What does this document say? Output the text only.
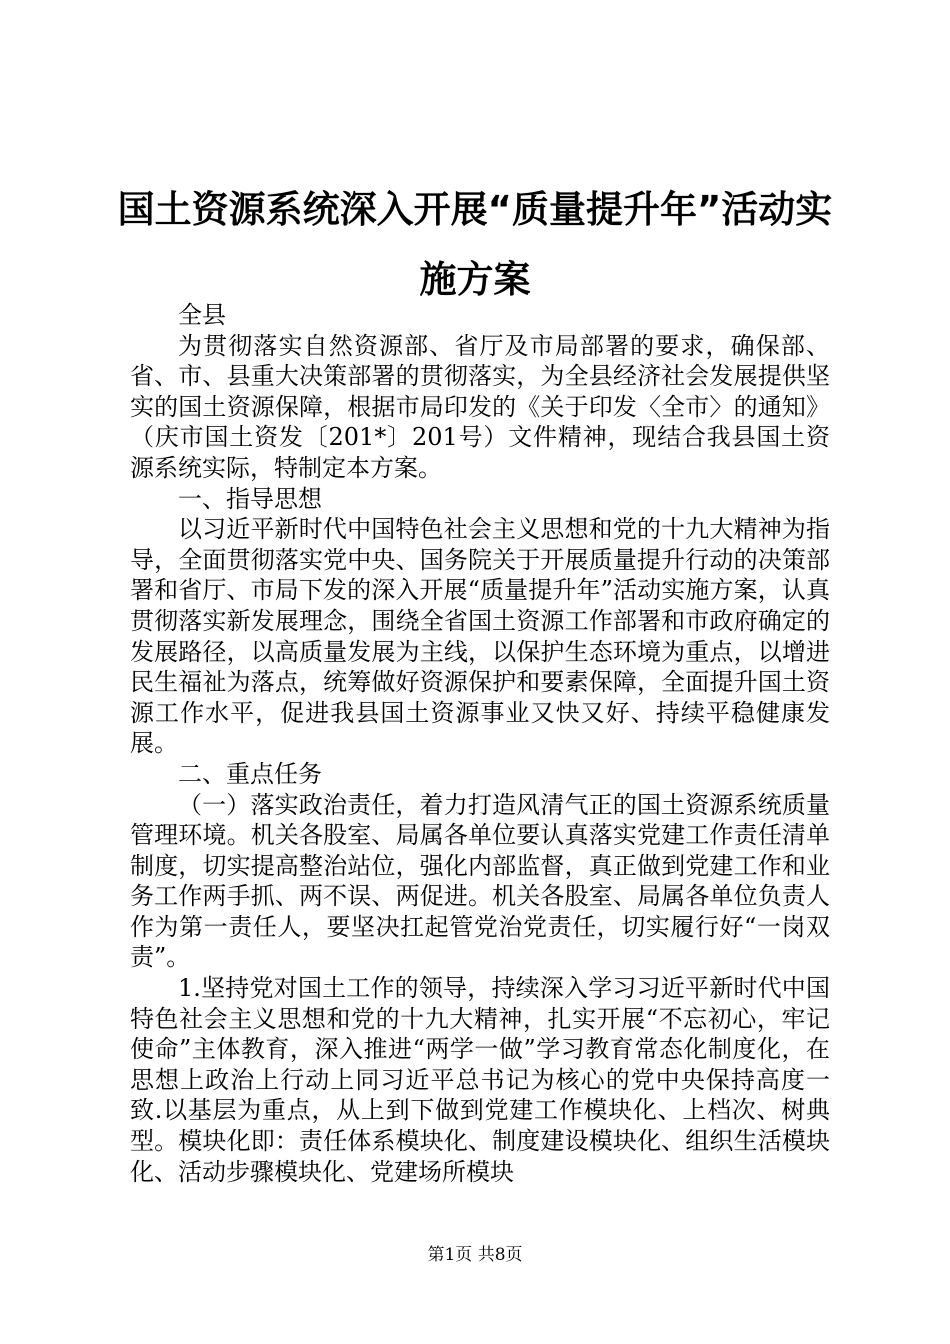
国土资源系统深入开展“质量提升年”活动实施方案

全县

为贯彻落实自然资源部、省厅及市局部署的要求，确保部、省、市、县重大决策部署的贯彻落实，为全县经济社会发展提供坚实的国土资源保障，根据市局印发的《关于印发〈全市〉的通知》（庆市国土资发〔201*〕201号）文件精神，现结合我县国土资源系统实际，特制定本方案。

一、指导思想

以习近平新时代中国特色社会主义思想和党的十九大精神为指导，全面贯彻落实党中央、国务院关于开展质量提升行动的决策部署和省厅、市局下发的深入开展“质量提升年”活动实施方案，认真贯彻落实新发展理念，围绕全省国土资源工作部署和市政府确定的发展路径，以高质量发展为主线，以保护生态环境为重点，以增进民生福祉为落点，统筹做好资源保护和要素保障，全面提升国土资源工作水平，促进我县国土资源事业又快又好、持续平稳健康发展。

二、重点任务

（一）落实政治责任，着力打造风清气正的国土资源系统质量管理环境。机关各股室、局属各单位要认真落实党建工作责任清单制度，切实提高整治站位，强化内部监督，真正做到党建工作和业务工作两手抓、两不误、两促进。机关各股室、局属各单位负责人作为第一责任人，要坚决扛起管党治党责任，切实履行好“一岗双责”。

1.坚持党对国土工作的领导，持续深入学习习近平新时代中国特色社会主义思想和党的十九大精神，扎实开展“不忘初心，牢记使命”主体教育，深入推进“两学一做”学习教育常态化制度化，在思想上政治上行动上同习近平总书记为核心的党中央保持高度一致.以基层为重点，从上到下做到党建工作模块化、上档次、树典型。模块化即：责任体系模块化、制度建设模块化、组织生活模块化、活动步骤模块化、党建场所模块

第1页 共8页
